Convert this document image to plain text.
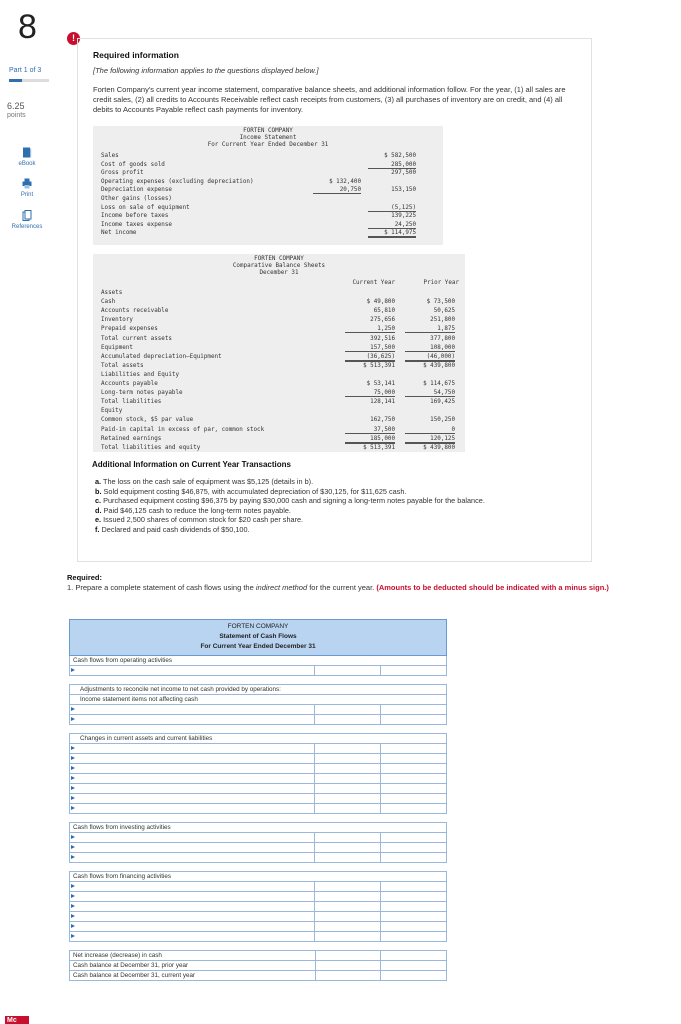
8
Part 1 of 3
6.25
points
eBook
Print
References
Mc
!
Required information
[The following information applies to the questions displayed below.]
Forten Company's current year income statement, comparative balance sheets, and additional information follow. For the year, (1) all sales are credit sales, (2) all credits to Accounts Receivable reflect cash receipts from customers, (3) all purchases of inventory are on credit, and (4) all debits to Accounts Payable reflect cash payments for inventory.
FORTEN COMPANY
Income Statement
For Current Year Ended December 31
Sales	$ 582,500
Cost of goods sold	285,000
Gross profit	297,500
Operating expenses (excluding depreciation)	$ 132,400
Depreciation expense	20,750	153,150
Other gains (losses)
Loss on sale of equipment	(5,125)
Income before taxes	139,225
Income taxes expense	24,250
Net income	$ 114,975
FORTEN COMPANY
Comparative Balance Sheets
December 31
Current Year	Prior Year
Assets
Cash	$ 49,800	$ 73,500
Accounts receivable	65,810	50,625
Inventory	275,656	251,800
Prepaid expenses	1,250	1,875
Total current assets	392,516	377,800
Equipment	157,500	108,000
Accumulated depreciation—Equipment	(36,625)	(46,000)
Total assets	$ 513,391	$ 439,800
Liabilities and Equity
Accounts payable	$ 53,141	$ 114,675
Long-term notes payable	75,000	54,750
Total liabilities	128,141	169,425
Equity
Common stock, $5 par value	162,750	150,250
Paid-in capital in excess of par, common stock	37,500	0
Retained earnings	185,000	120,125
Total liabilities and equity	$ 513,391	$ 439,800
Additional Information on Current Year Transactions
a. The loss on the cash sale of equipment was $5,125 (details in b).
b. Sold equipment costing $46,875, with accumulated depreciation of $30,125, for $11,625 cash.
c. Purchased equipment costing $96,375 by paying $30,000 cash and signing a long-term notes payable for the balance.
d. Paid $46,125 cash to reduce the long-term notes payable.
e. Issued 2,500 shares of common stock for $20 cash per share.
f. Declared and paid cash dividends of $50,100.
Required:
1. Prepare a complete statement of cash flows using the indirect method for the current year. (Amounts to be deducted should be indicated with a minus sign.)
FORTEN COMPANY
Statement of Cash Flows
For Current Year Ended December 31
Cash flows from operating activities
Adjustments to reconcile net income to net cash provided by operations:
Income statement items not affecting cash
Changes in current assets and current liabilities
Cash flows from investing activities
Cash flows from financing activities
Net increase (decrease) in cash
Cash balance at December 31, prior year
Cash balance at December 31, current year
